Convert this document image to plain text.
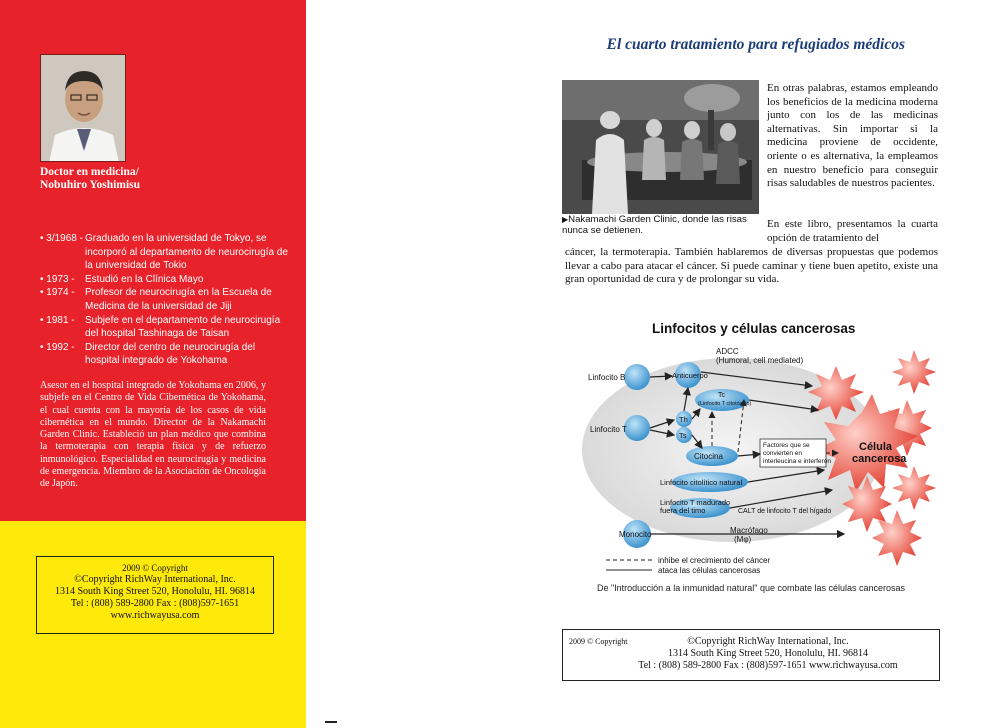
Doctor en medicina/
Nobuhiro Yoshimisu
• 3/1968 - Graduado en la universidad de Tokyo, se incorporó al departamento de neurocirugía de la universidad de Tokio
• 1973 - Estudió en la Clínica Mayo
• 1974 - Profesor de neurocirugía en la Escuela de Medicina de la universidad de Jiji
• 1981 - Subjefe en el departamento de neurocirugía del hospital Tashinaga de Taisan
• 1992 - Director del centro de neurocirugía del hospital integrado de Yokohama
Asesor en el hospital integrado de Yokohama en 2006, y subjefe en el Centro de Vida Cibernética de Yokohama, el cual cuenta con la mayoría de los casos de vida cibernética en el mundo. Director de la Nakamachi Garden Clinic. Estableció un plan médico que combina la termoterapia con terapia física y de refuerzo inmunológico. Especialidad en neurocirugía y medicina de emergencia. Miembro de la Asociación de Oncología de Japón.
2009 © Copyright
©Copyright RichWay International, Inc.
1314 South King Street 520, Honolulu, HI. 96814
Tel : (808) 589-2800 Fax : (808)597-1651
www.richwayusa.com
El cuarto tratamiento para refugiados médicos
▶Nakamachi Garden Clinic, donde las risas nunca se detienen.
En otras palabras, estamos empleando los beneficios de la medicina moderna junto con los de las medicinas alternativas. Sin importar si la medicina proviene de occidente, oriente o es alternativa, la empleamos en nuestro beneficio para conseguir risas saludables de nuestros pacientes.
En este libro, presentamos la cuarta opción de tratamiento del
cáncer, la termoterapia. También hablaremos de diversas propuestas que podemos llevar a cabo para atacar el cáncer. Si puede caminar y tiene buen apetito, existe una gran oportunidad de cura y de prolongar su vida.
Linfocitos y células cancerosas
Célula
cancerosa
ADCC
(Humoral, cell mediated)
Linfocito B
Linfocito T
Anticuerpo
Tc
(Linfocito T citotóxico)
Th
Ts
Citocina
Factores que se convierten en interleucina e interferón
Linfocito citolítico natural
Linfocito T madurado
fuera del timo	CALT de linfocito T del hígado
Monocito	Macrófago
(Mφ)
inhibe el crecimiento del cáncer
ataca las células cancerosas
De "Introducción a la inmunidad natural" que combate las células cancerosas
2009 © Copyright	©Copyright RichWay International, Inc.
1314 South King Street 520, Honolulu, HI. 96814
Tel : (808) 589-2800 Fax : (808)597-1651 www.richwayusa.com
